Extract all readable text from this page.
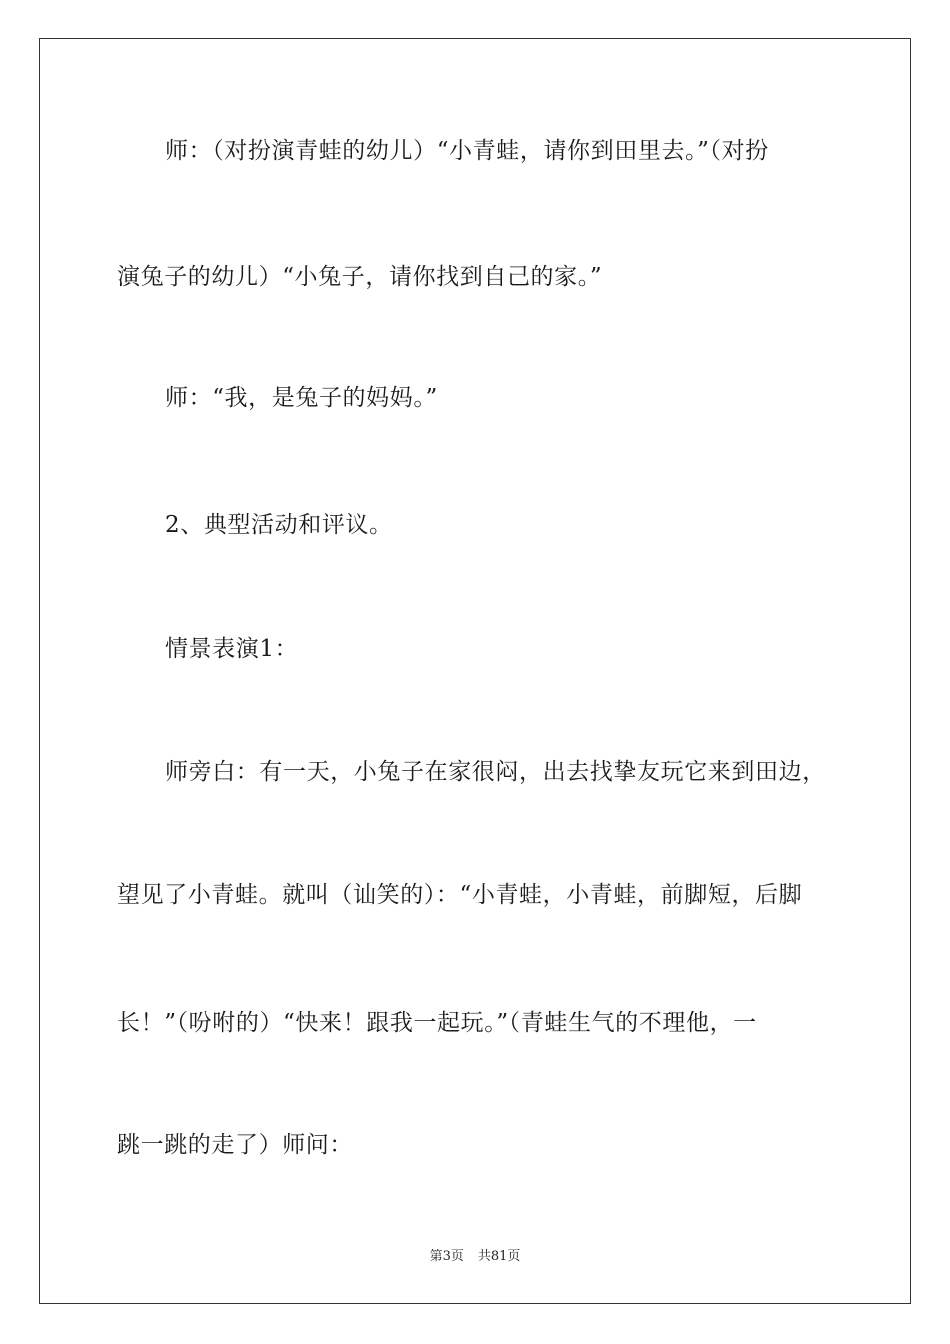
师：（对扮演青蛙的幼儿）“小青蛙，请你到田里去。”（对扮
演兔子的幼儿）“小兔子，请你找到自己的家。”
师：“我，是兔子的妈妈。”
2、典型活动和评议。
情景表演1：
师旁白：有一天，小兔子在家很闷，出去找挚友玩它来到田边，
望见了小青蛙。就叫（讪笑的）：“小青蛙，小青蛙，前脚短，后脚
长！”（吩咐的）“快来！跟我一起玩。”（青蛙生气的不理他，一
跳一跳的走了）师问：
第3页 共81页
